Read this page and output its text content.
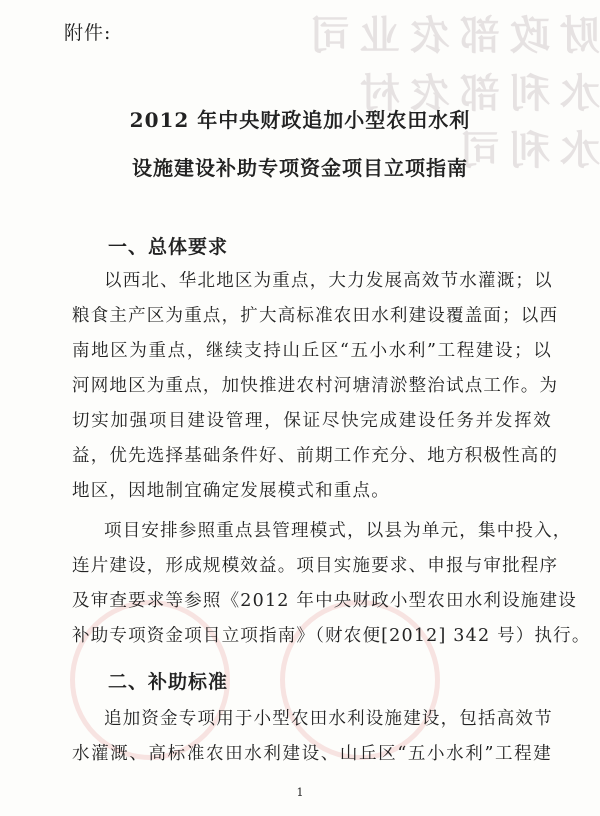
财政部农业司
水利部农村水利司
附件:
2012 年中央财政追加小型农田水利
设施建设补助专项资金项目立项指南
一、总体要求
以西北、华北地区为重点，大力发展高效节水灌溉；以
粮食主产区为重点，扩大高标准农田水利建设覆盖面；以西
南地区为重点，继续支持山丘区“五小水利”工程建设；以
河网地区为重点，加快推进农村河塘清淤整治试点工作。为
切实加强项目建设管理，保证尽快完成建设任务并发挥效
益，优先选择基础条件好、前期工作充分、地方积极性高的
地区，因地制宜确定发展模式和重点。
项目安排参照重点县管理模式，以县为单元，集中投入，
连片建设，形成规模效益。项目实施要求、申报与审批程序
及审查要求等参照《2012 年中央财政小型农田水利设施建设
补助专项资金项目立项指南》（财农便[2012] 342 号）执行。
二、补助标准
追加资金专项用于小型农田水利设施建设，包括高效节
水灌溉、高标准农田水利建设、山丘区“五小水利”工程建
1
